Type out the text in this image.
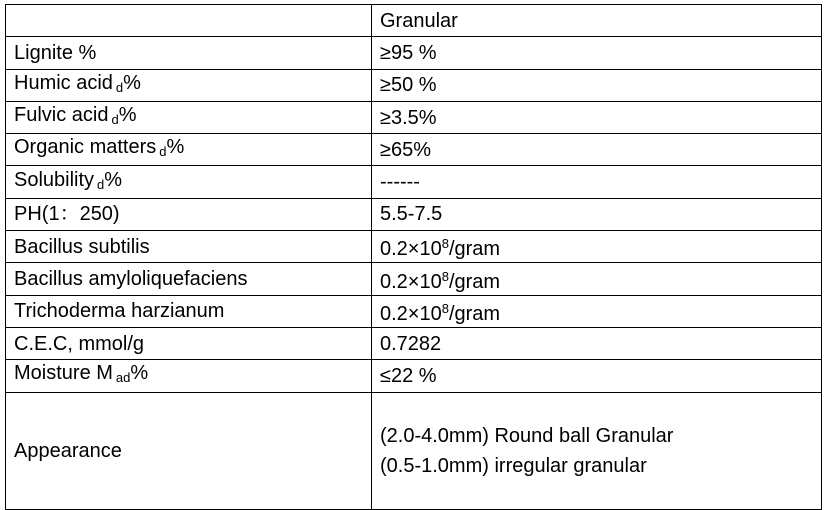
	Granular
Lignite %	≥95 %
Humic acid $_d$%	≥50 %
Fulvic acid $_d$%	≥3.5%
Organic matters $_d$%	≥65%
Solubility $_d$%	------
PH(1：250)	5.5-7.5
Bacillus subtilis	$0.2\times 10^8$/gram
Bacillus amyloliquefaciens	$0.2\times 10^8$/gram
Trichoderma harzianum	$0.2\times 10^8$/gram
C.E.C, mmol/g	0.7282
Moisture M $_{ad}$%	≤22 %
Appearance	(2.0-4.0mm) Round ball Granular
(0.5-1.0mm) irregular granular
